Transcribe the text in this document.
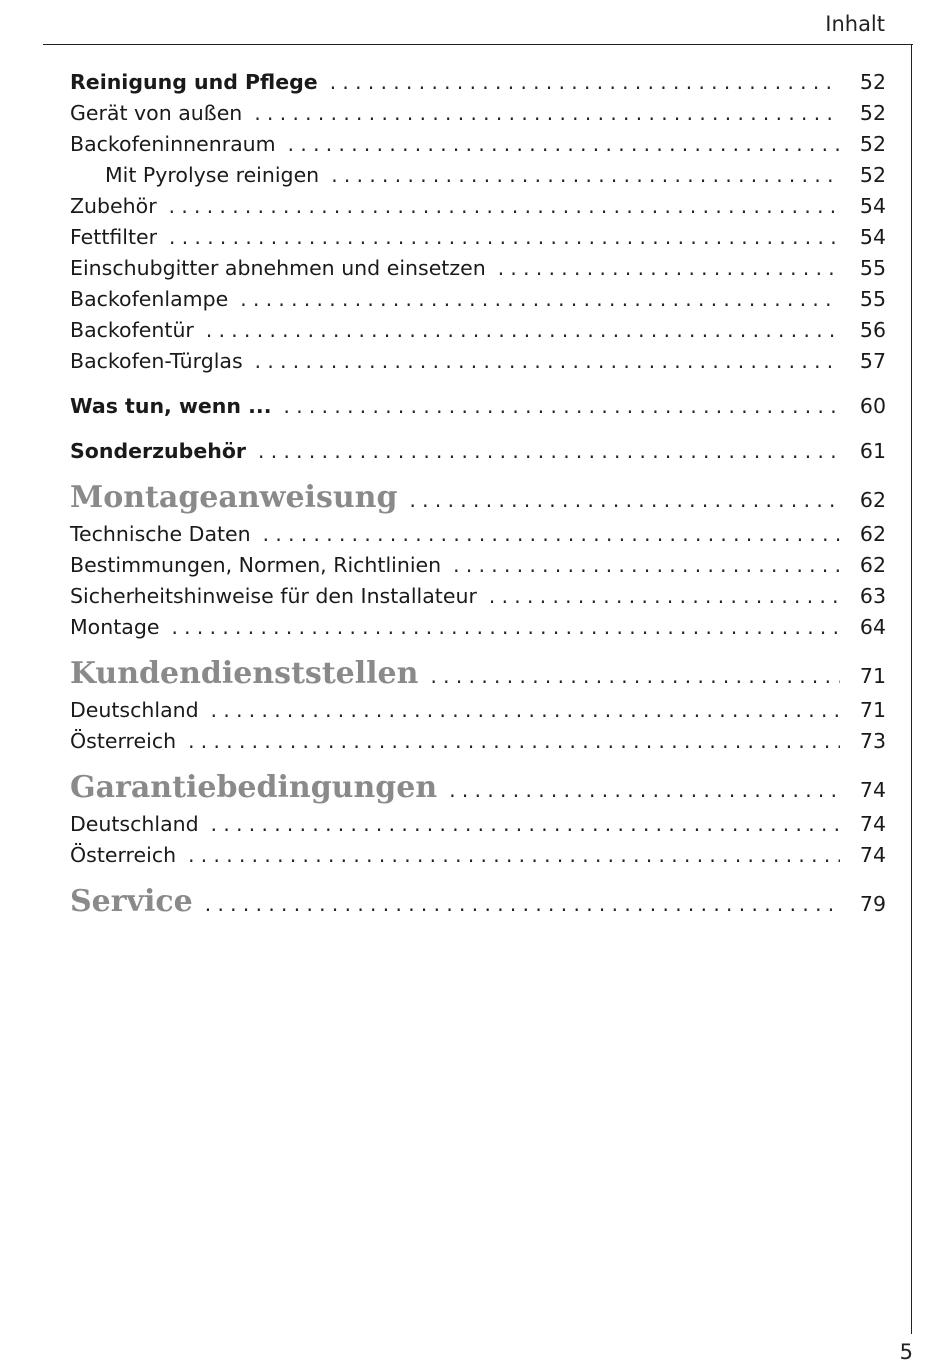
Inhalt
Reinigung und Pflege . . .	52
Gerät von außen . . .	52
Backofeninnenraum . . .	52
Mit Pyrolyse reinigen . . .	52
Zubehör . . .	54
Fettfilter . . .	54
Einschubgitter abnehmen und einsetzen . . .	55
Backofenlampe . . .	55
Backofentür . . .	56
Backofen-Türglas . . .	57
Was tun, wenn ... . . .	60
Sonderzubehör . . .	61
Montageanweisung . . .	62
Technische Daten . . .	62
Bestimmungen, Normen, Richtlinien . . .	62
Sicherheitshinweise für den Installateur . . .	63
Montage . . .	64
Kundendienststellen . . .	71
Deutschland . . .	71
Österreich . . .	73
Garantiebedingungen . . .	74
Deutschland . . .	74
Österreich . . .	74
Service . . .	79
5
